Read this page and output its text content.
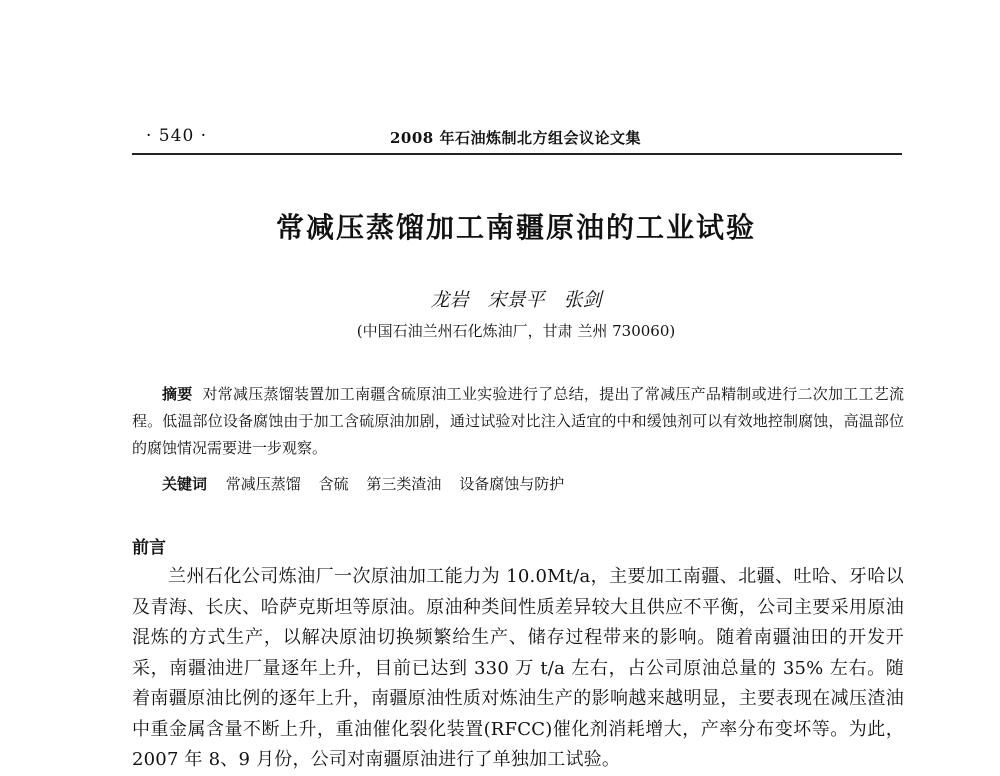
· 540 ·	2008 年石油炼制北方组会议论文集
常减压蒸馏加工南疆原油的工业试验
龙岩　宋景平　张剑
(中国石油兰州石化炼油厂，甘肃 兰州 730060)
摘要 对常减压蒸馏装置加工南疆含硫原油工业实验进行了总结，提出了常减压产品精制或进行二次加工工艺流程。低温部位设备腐蚀由于加工含硫原油加剧，通过试验对比注入适宜的中和缓蚀剂可以有效地控制腐蚀，高温部位的腐蚀情况需要进一步观察。
关键词 常减压蒸馏 含硫 第三类渣油 设备腐蚀与防护
前言
兰州石化公司炼油厂一次原油加工能力为 10.0Mt/a，主要加工南疆、北疆、吐哈、牙哈以及青海、长庆、哈萨克斯坦等原油。原油种类间性质差异较大且供应不平衡，公司主要采用原油混炼的方式生产，以解决原油切换频繁给生产、储存过程带来的影响。随着南疆油田的开发开采，南疆油进厂量逐年上升，目前已达到 330 万 t/a 左右，占公司原油总量的 35% 左右。随着南疆原油比例的逐年上升，南疆原油性质对炼油生产的影响越来越明显，主要表现在减压渣油中重金属含量不断上升，重油催化裂化装置(RFCC)催化剂消耗增大，产率分布变坏等。为此，2007 年 8、9 月份，公司对南疆原油进行了单独加工试验。
